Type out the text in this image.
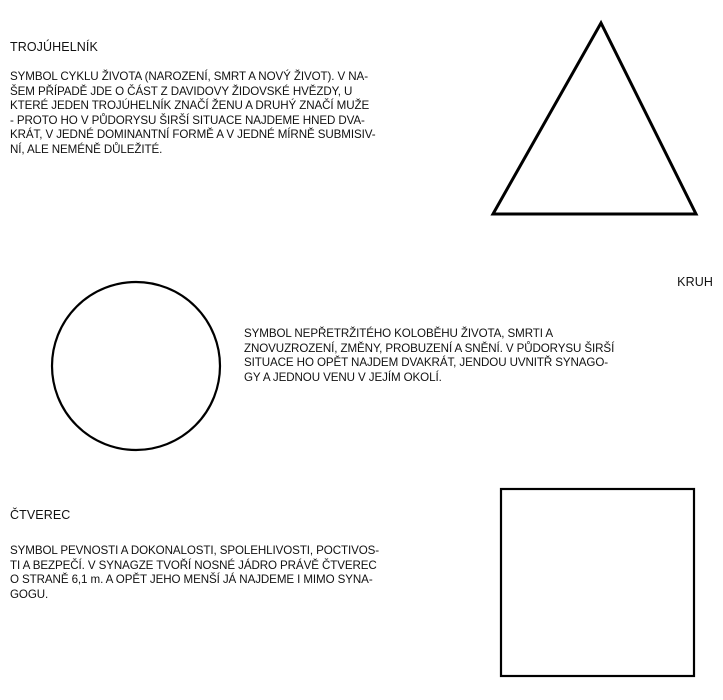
TROJÚHELNÍK

SYMBOL CYKLU ŽIVOTA (NAROZENÍ, SMRT A NOVÝ ŽIVOT). V NA-
ŠEM PŘÍPADĚ JDE O ČÁST Z DAVIDOVY ŽIDOVSKÉ HVĚZDY, U
KTERÉ JEDEN TROJÚHELNÍK ZNAČÍ ŽENU A DRUHÝ ZNAČÍ MUŽE
- PROTO HO V PŮDORYSU ŠIRŠÍ SITUACE NAJDEME HNED DVA-
KRÁT, V JEDNÉ DOMINANTNÍ FORMĚ A V JEDNÉ MÍRNĚ SUBMISIV-
NÍ, ALE NEMÉNĚ DŮLEŽITÉ.

KRUH

SYMBOL NEPŘETRŽITÉHO KOLOBĚHU ŽIVOTA, SMRTI A
ZNOVUZROZENÍ, ZMĚNY, PROBUZENÍ A SNĚNÍ. V PŮDORYSU ŠIRŠÍ
SITUACE HO OPĚT NAJDEM DVAKRÁT, JENDOU UVNITŘ SYNAGO-
GY A JEDNOU VENU V JEJÍM OKOLÍ.

ČTVEREC

SYMBOL PEVNOSTI A DOKONALOSTI, SPOLEHLIVOSTI, POCTIVOS-
TI A BEZPEČÍ. V SYNAGZE TVOŘÍ NOSNÉ JÁDRO PRÁVĚ ČTVEREC
O STRANĚ 6,1 m. A OPĚT JEHO MENŠÍ JÁ NAJDEME I MIMO SYNA-
GOGU.
